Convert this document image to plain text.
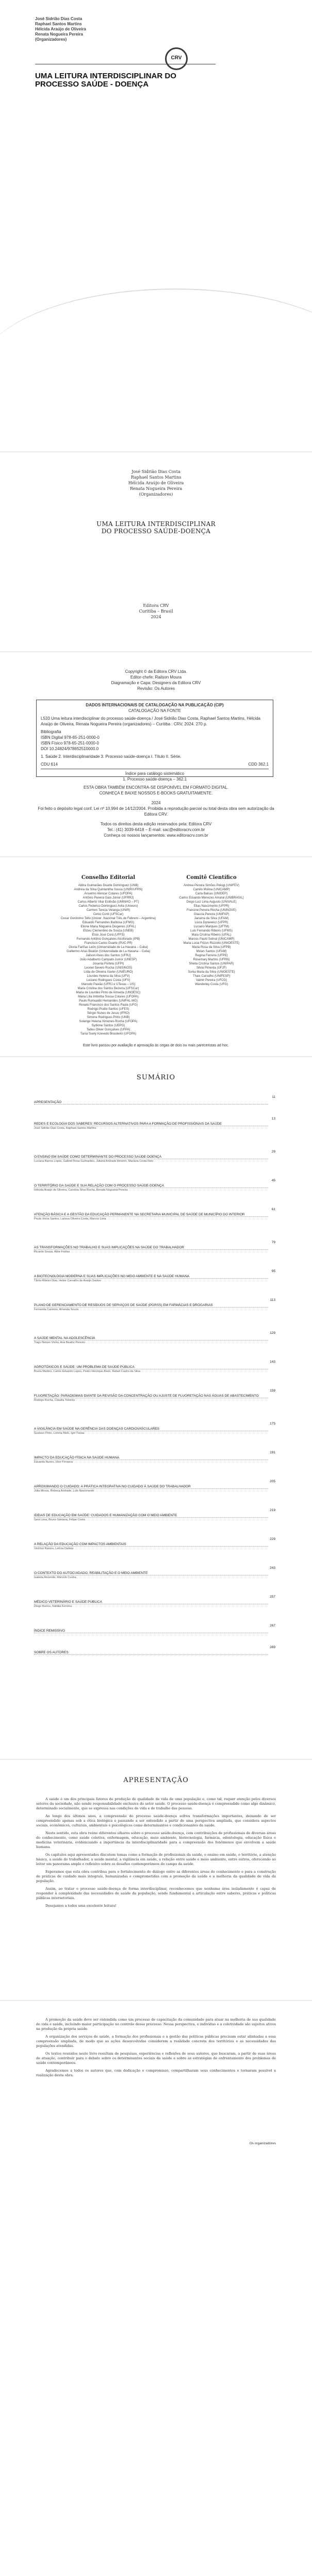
José Sidrião Dias Costa
Raphael Santos Martins
Hélcida Araújo de Oliveira
Renata Nogueira Pereira
(Organizadores)
CRV
UMA LEITURA INTERDISCIPLINAR DO PROCESSO SAÚDE - DOENÇA
José Sidrião Dias Costa
Raphael Santos Martins
Hélcida Araújo de Oliveira
Renata Nogueira Pereira
(Organizadores)
UMA LEITURA INTERDISCIPLINAR
DO PROCESSO SAÚDE-DOENÇA
Editora CRV
Curitiba – Brasil
2024
Copyright © da Editora CRV Ltda.
Editor-chefe: Railson Moura
Diagramação e Capa: Designers da Editora CRV
Revisão: Os Autores
DADOS INTERNACIONAIS DE CATALOGAÇÃO NA PUBLICAÇÃO (CIP)
CATALOGAÇÃO NA FONTE
L533 Uma leitura interdisciplinar do processo saúde-doença / José Sidrião Dias Costa, Raphael Santos Martins, Hélcida Araújo de Oliveira, Renata Nogueira Pereira (organizadores) – Curitiba : CRV, 2024. 270 p.
Bibliografia
ISBN Digital 978-65-251-0000-0
ISBN Físico 978-65-251-0000-0
DOI 10.24824/978652510000.0
1. Saúde 2. Interdisciplinaridade 3. Processo saúde-doença I. Título II. Série.
CDU 614	CDD 362.1
Índice para catálogo sistemático
1. Processo saúde-doença – 362.1
ESTA OBRA TAMBÉM ENCONTRA-SE DISPONÍVEL EM FORMATO DIGITAL.
CONHEÇA E BAIXE NOSSOS E-BOOKS GRATUITAMENTE.
2024
Foi feito o depósito legal conf. Lei nº 10.994 de 14/12/2004. Proibida a reprodução parcial ou total desta obra sem autorização da Editora CRV.
Todos os direitos desta edição reservados pela: Editora CRV
Tel.: (41) 3039-6418 – E-mail: sac@editoracrv.com.br
Conheça os nossos lançamentos: www.editoracrv.com.br
Conselho Editorial
Aldira Guimarães Duarte Domínguez (UNB)
Andréia da Silva Quintanilha Sousa (UNIR/UFRN)
Anselmo Alencar Colares (UFOPA)
Antônio Pereira Gaio Júnior (UFRRJ)
Carlos Alberto Vilar Estêvão (UMINHO – PT)
Carlos Federico Dominguez Avila (Unieuro)
Carmen Tereza Velanga (UNIR)
Celso Conti (UFSCar)
Cesar Gerónimo Tello (Univer .Nacional Três de Febrero – Argentina)
Eduardo Fernandes Barbosa (UFMG)
Elione Maria Nogueira Diogenes (UFAL)
Elizeu Clementino de Souza (UNEB)
Élsio José Corá (UFFS)
Fernando Antônio Gonçalves Alcoforado (IPB)
Francisco Carlos Duarte (PUC-PR)
Gloria Fariñas León (Universidade de La Havana – Cuba)
Guillermo Arias Beatón (Universidade de La Havana – Cuba)
Jailson Alves dos Santos (UFRJ)
João Adalberto Campato Junior (UNESP)
Josania Portela (UFPI)
Leonel Severo Rocha (UNISINOS)
Lídia de Oliveira Xavier (UNIEURO)
Lourdes Helena da Silva (UFV)
Luciano Rodrigues Costa (UFV)
Marcelo Paixão (UFRJ e UTexas – US)
Maria Cristina dos Santos Bezerra (UFSCar)
Maria de Lourdes Pinto de Almeida (UNOESC)
Maria Lília Imbiriba Sousa Colares (UFOPA)
Paulo Romualdo Hernandes (UNIFAL-MG)
Renato Francisco dos Santos Paula (UFG)
Rodrigo Pratte-Santos (UFES)
Sérgio Nunes de Jesus (IFRO)
Simone Rodrigues Pinto (UNB)
Solange Helena Ximenes-Rocha (UFOPA)
Sydione Santos (UEPG)
Tadeu Oliver Gonçalves (UFPA)
Tania Suely Azevedo Brasileiro (UFOPA)
Comitê Científico
Andrea Pereira Simões Pelogi (UNIFEV)
Camilo Molina (UNICAMP)
Carla Balsas (UNIDEP)
Carlos Eduardo Menezes Amaral (UNIBRASIL)
Diogo Luiz Lima Augusto (UNIVALE)
Elias Nascimento (UFPR)
Francine Pereira Rocha (UNINOVE)
Glaucia Pereira (UNIFAP)
Janaína da Silva (UFAM)
Lúcia Dyniewicz (UFPR)
Luciano Marques (UFTM)
Luis Fernando Ribeiro (UFMS)
Mara Cristina Ribeiro (UFAL)
Marcos Paulo Sobral (UNICAMP)
Maria Lúcia Frizon Rizzotto (UNIOESTE)
Maria Rosa da Silva (UFPB)
Mirian Santos (UFAM)
Regina Ferreira (UFPE)
Rosemary Martins (UFRN)
Sheila Cristina Santos (UNIPAR)
Silvia Pimenta (UFJF)
Sonia Maria da Silva (UNIOESTE)
Thais Carvalho (UNIFESP)
Valmir Pereira (UFCG)
Wanderley Costa (UFG)
Este livro passou por avaliação e aprovação às cegas de dois ou mais pareceristas ad hoc.
SUMÁRIO
APRESENTAÇÃO
11
REDES E ECOLOGIA DOS SABERES: RECURSOS ALTERNATIVOS PARA A FORMAÇÃO DE PROFISSIONAIS DA SAÚDE
13
José Sidrião Dias Costa, Raphael Santos Martins
O ENSINO EM SAÚDE COMO DETERMINANTE DO PROCESSO SAÚDE-DOENÇA
29
Luciana Barros Lopes, Gabriel Rosa Guimarães, Juliana Andrade Amorim, Mariana Costa Reis
O TERRITÓRIO DA SAÚDE E SUA RELAÇÃO COM O PROCESSO SAÚDE-DOENÇA
45
Hélcida Araújo de Oliveira, Carolina Silva Rocha, Renata Nogueira Pereira
ATENÇÃO BÁSICA E A GESTÃO DA EDUCAÇÃO PERMANENTE NA SECRETARIA MUNICIPAL DE SAÚDE DE MUNICÍPIO DO INTERIOR
61
Paula Vieira Santos, Larissa Oliveira Costa, Marcos Lima
AS TRANSFORMAÇÕES NO TRABALHO E SUAS IMPLICAÇÕES NA SAÚDE DO TRABALHADOR
79
Ricardo Sousa, Aline Freitas
A BIOTECNOLOGIA MODERNA E SUAS IMPLICAÇÕES NO MEIO AMBIENTE E NA SAÚDE HUMANA
95
Tânia Ribeiro Dias, Heitor Carvalho de Araújo Santos
PLANO DE GERENCIAMENTO DE RESÍDUOS DE SERVIÇOS DE SAÚDE (PGRSS) EM FARMÁCIAS E DROGARIAS
113
Fernanda Cardoso, Amanda Souza
A SAÚDE MENTAL NA ADOLESCÊNCIA
129
Tiago Nelson Vieira, Ana Beatriz Peixoto
AGROTÓXICOS E SAÚDE: UM PROBLEMA DE SAÚDE PÚBLICA
143
Bruna Martins, Carlos Eduardo Lopes, Pedro Henrique Alves, Rafael Castro da Silva
FLUORETAÇÃO: PARADIGMAS DIANTE DA REVISÃO DA CONCENTRAÇÃO OU AJUSTE DE FLUORETAÇÃO NAS ÁGUAS DE ABASTECIMENTO
159
Rodrigo Rocha, Cláudia Teixeira
A VIGILÂNCIA EM SAÚDE NA GERÊNCIA DAS DOENÇAS CARDIOVASCULARES
175
Gustavo Pinto, Lorena Melo, Igor Farias
IMPACTO DA EDUCAÇÃO FÍSICA NA SAÚDE HUMANA
191
Eduarda Nunes, Vitor Fonseca
APROXIMANDO O CUIDADO: A PRÁTICA INTEGRATIVA NO CUIDADO À SAÚDE DO TRABALHADOR
205
Júlia Moura, Rebeca Andrade, Luís Nascimento
IDEIAS DE EDUCAÇÃO EM SAÚDE: CUIDADOS E HUMANIZAÇÃO COM O MEIO AMBIENTE
219
Sara Lima, Bruno Santana, Felipe Costa
A RELAÇÃO DA EDUCAÇÃO COM IMPACTOS AMBIENTAIS
229
Vinícius Ramos, Letícia Dantas
O CONTEXTO DO AUTOCUIDADO, REABILITAÇÃO E O MEIO AMBIENTE
243
Isabela Rezende, Marcelo Cunha
MÉDICO VETERINÁRIO E SAÚDE PÚBLICA
257
Diego Barros, Natália Ferreira
ÍNDICE REMISSIVO
267
SOBRE OS AUTORES
269
APRESENTAÇÃO

A saúde é um dos principais fatores de produção de qualidade de vida de uma população e, como tal, requer atenção pelos diversos setores da sociedade, não sendo responsabilidade exclusiva do setor saúde. O processo saúde-doença é compreendido como algo dinâmico, determinado socialmente, que se expressa nas condições de vida e de trabalho das pessoas.

Ao longo dos últimos anos, a compreensão do processo saúde-doença sofreu transformações importantes, deixando de ser compreendido apenas sob a ótica biológica e passando a ser entendido a partir de uma perspectiva ampliada, que considera aspectos sociais, econômicos, culturais, ambientais e psicológicos como determinantes e condicionantes da saúde.

Neste sentido, esta obra reúne diferentes olhares sobre o processo saúde-doença, com contribuições de profissionais de diversas áreas do conhecimento, como saúde coletiva, enfermagem, educação, meio ambiente, biotecnologia, farmácia, odontologia, educação física e medicina veterinária, evidenciando a importância da interdisciplinaridade para a compreensão dos fenômenos que envolvem a saúde humana.

Os capítulos aqui apresentados discutem temas como a formação de profissionais da saúde, o ensino em saúde, o território, a atenção básica, a saúde do trabalhador, a saúde mental, a vigilância em saúde, a relação entre saúde e meio ambiente, entre outros, oferecendo ao leitor um panorama amplo e reflexivo sobre os desafios contemporâneos do campo da saúde.

Esperamos que esta obra contribua para o fortalecimento do diálogo entre as diferentes áreas do conhecimento e para a construção de práticas de cuidado mais integrais, humanizadas e comprometidas com a promoção da saúde e a melhoria da qualidade de vida da população.

Assim, ao tratar o processo saúde-doença de forma interdisciplinar, reconhecemos que nenhuma área isoladamente é capaz de responder à complexidade das necessidades de saúde da população, sendo fundamental a articulação entre saberes, práticas e políticas públicas intersetoriais.

Desejamos a todos uma excelente leitura!

A promoção da saúde deve ser entendida como um processo de capacitação da comunidade para atuar na melhoria de sua qualidade de vida e saúde, incluindo maior participação no controle desse processo. Nessa perspectiva, o indivíduo e a coletividade são sujeitos ativos na produção da própria saúde.

A organização dos serviços de saúde, a formação dos profissionais e a gestão das políticas públicas precisam estar alinhadas a essa compreensão ampliada, de modo que as ações desenvolvidas considerem a realidade concreta dos territórios e as necessidades das populações atendidas.

Os textos reunidos neste livro resultam de pesquisas, experiências e reflexões de seus autores, que buscaram, a partir de suas áreas de atuação, contribuir para o debate sobre os determinantes sociais da saúde e sobre as estratégias de enfrentamento dos problemas de saúde contemporâneos.

Agradecemos a todos os autores que, com dedicação e compromisso, compartilharam seus conhecimentos e tornaram possível a realização desta obra.

Os organizadores
